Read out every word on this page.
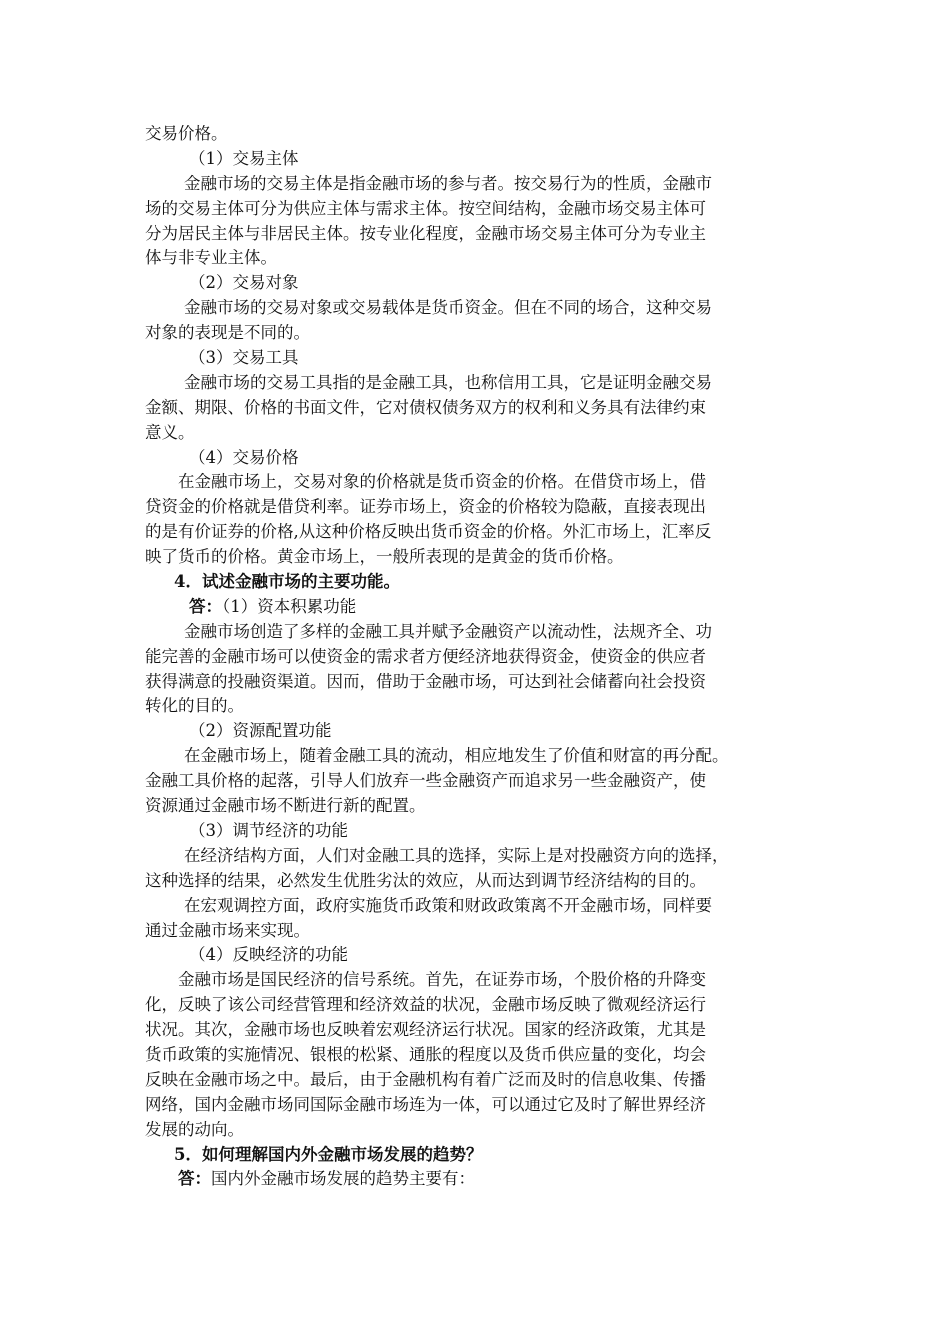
交易价格。
（1）交易主体
金融市场的交易主体是指金融市场的参与者。按交易行为的性质，金融市
场的交易主体可分为供应主体与需求主体。按空间结构，金融市场交易主体可
分为居民主体与非居民主体。按专业化程度，金融市场交易主体可分为专业主
体与非专业主体。
（2）交易对象
金融市场的交易对象或交易载体是货币资金。但在不同的场合，这种交易
对象的表现是不同的。
（3）交易工具
金融市场的交易工具指的是金融工具，也称信用工具，它是证明金融交易
金额、期限、价格的书面文件，它对债权债务双方的权利和义务具有法律约束
意义。
（4）交易价格
在金融市场上，交易对象的价格就是货币资金的价格。在借贷市场上，借
贷资金的价格就是借贷利率。证券市场上，资金的价格较为隐蔽，直接表现出
的是有价证券的价格,从这种价格反映出货币资金的价格。外汇市场上，汇率反
映了货币的价格。黄金市场上，一般所表现的是黄金的货币价格。
4．试述金融市场的主要功能。
答：（1）资本积累功能
金融市场创造了多样的金融工具并赋予金融资产以流动性，法规齐全、功
能完善的金融市场可以使资金的需求者方便经济地获得资金，使资金的供应者
获得满意的投融资渠道。因而，借助于金融市场，可达到社会储蓄向社会投资
转化的目的。
（2）资源配置功能
在金融市场上，随着金融工具的流动，相应地发生了价值和财富的再分配。
金融工具价格的起落，引导人们放弃一些金融资产而追求另一些金融资产，使
资源通过金融市场不断进行新的配置。
（3）调节经济的功能
在经济结构方面，人们对金融工具的选择，实际上是对投融资方向的选择，
这种选择的结果，必然发生优胜劣汰的效应，从而达到调节经济结构的目的。
在宏观调控方面，政府实施货币政策和财政政策离不开金融市场，同样要
通过金融市场来实现。
（4）反映经济的功能
金融市场是国民经济的信号系统。首先，在证券市场，个股价格的升降变
化，反映了该公司经营管理和经济效益的状况，金融市场反映了微观经济运行
状况。其次，金融市场也反映着宏观经济运行状况。国家的经济政策，尤其是
货币政策的实施情况、银根的松紧、通胀的程度以及货币供应量的变化，均会
反映在金融市场之中。最后，由于金融机构有着广泛而及时的信息收集、传播
网络，国内金融市场同国际金融市场连为一体，可以通过它及时了解世界经济
发展的动向。
5．如何理解国内外金融市场发展的趋势？
答：国内外金融市场发展的趋势主要有：
